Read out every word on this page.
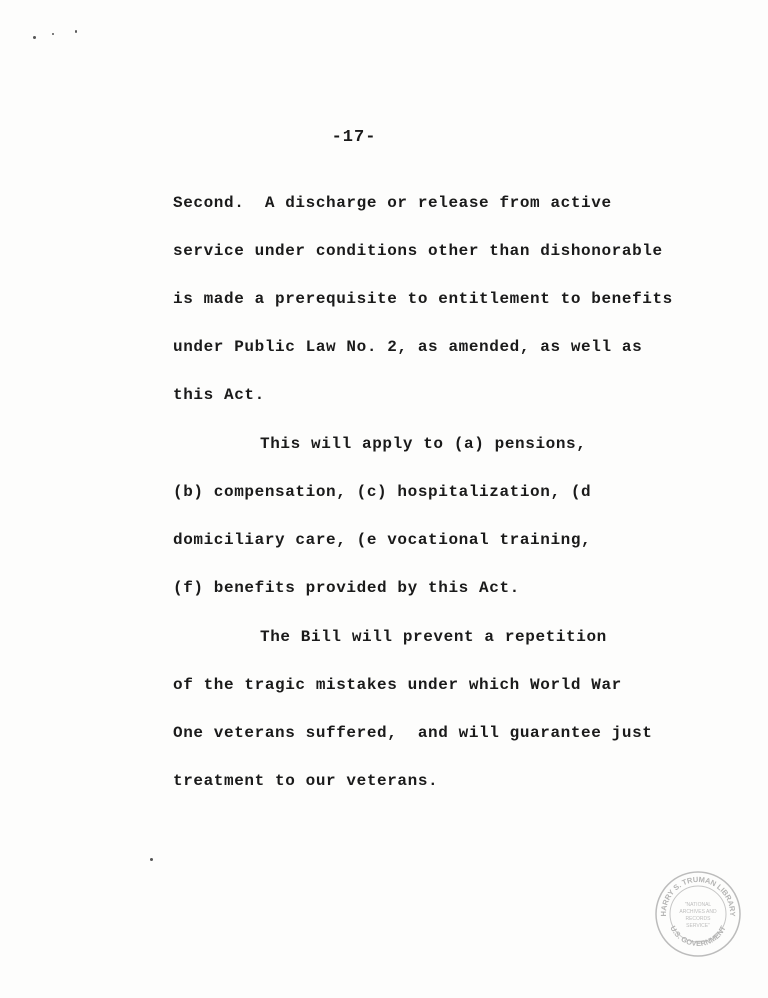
-17-
Second.  A discharge or release from active
service under conditions other than dishonorable
is made a prerequisite to entitlement to benefits
under Public Law No. 2, as amended, as well as
this Act.
This will apply to (a) pensions,
(b) compensation, (c) hospitalization, (d
domiciliary care, (e vocational training,
(f) benefits provided by this Act.
The Bill will prevent a repetition
of the tragic mistakes under which World War
One veterans suffered,  and will guarantee just
treatment to our veterans.
HARRY S. TRUMAN LIBRARY
U.S. GOVERNMENT
"NATIONAL
ARCHIVES AND
RECORDS
SERVICE"
